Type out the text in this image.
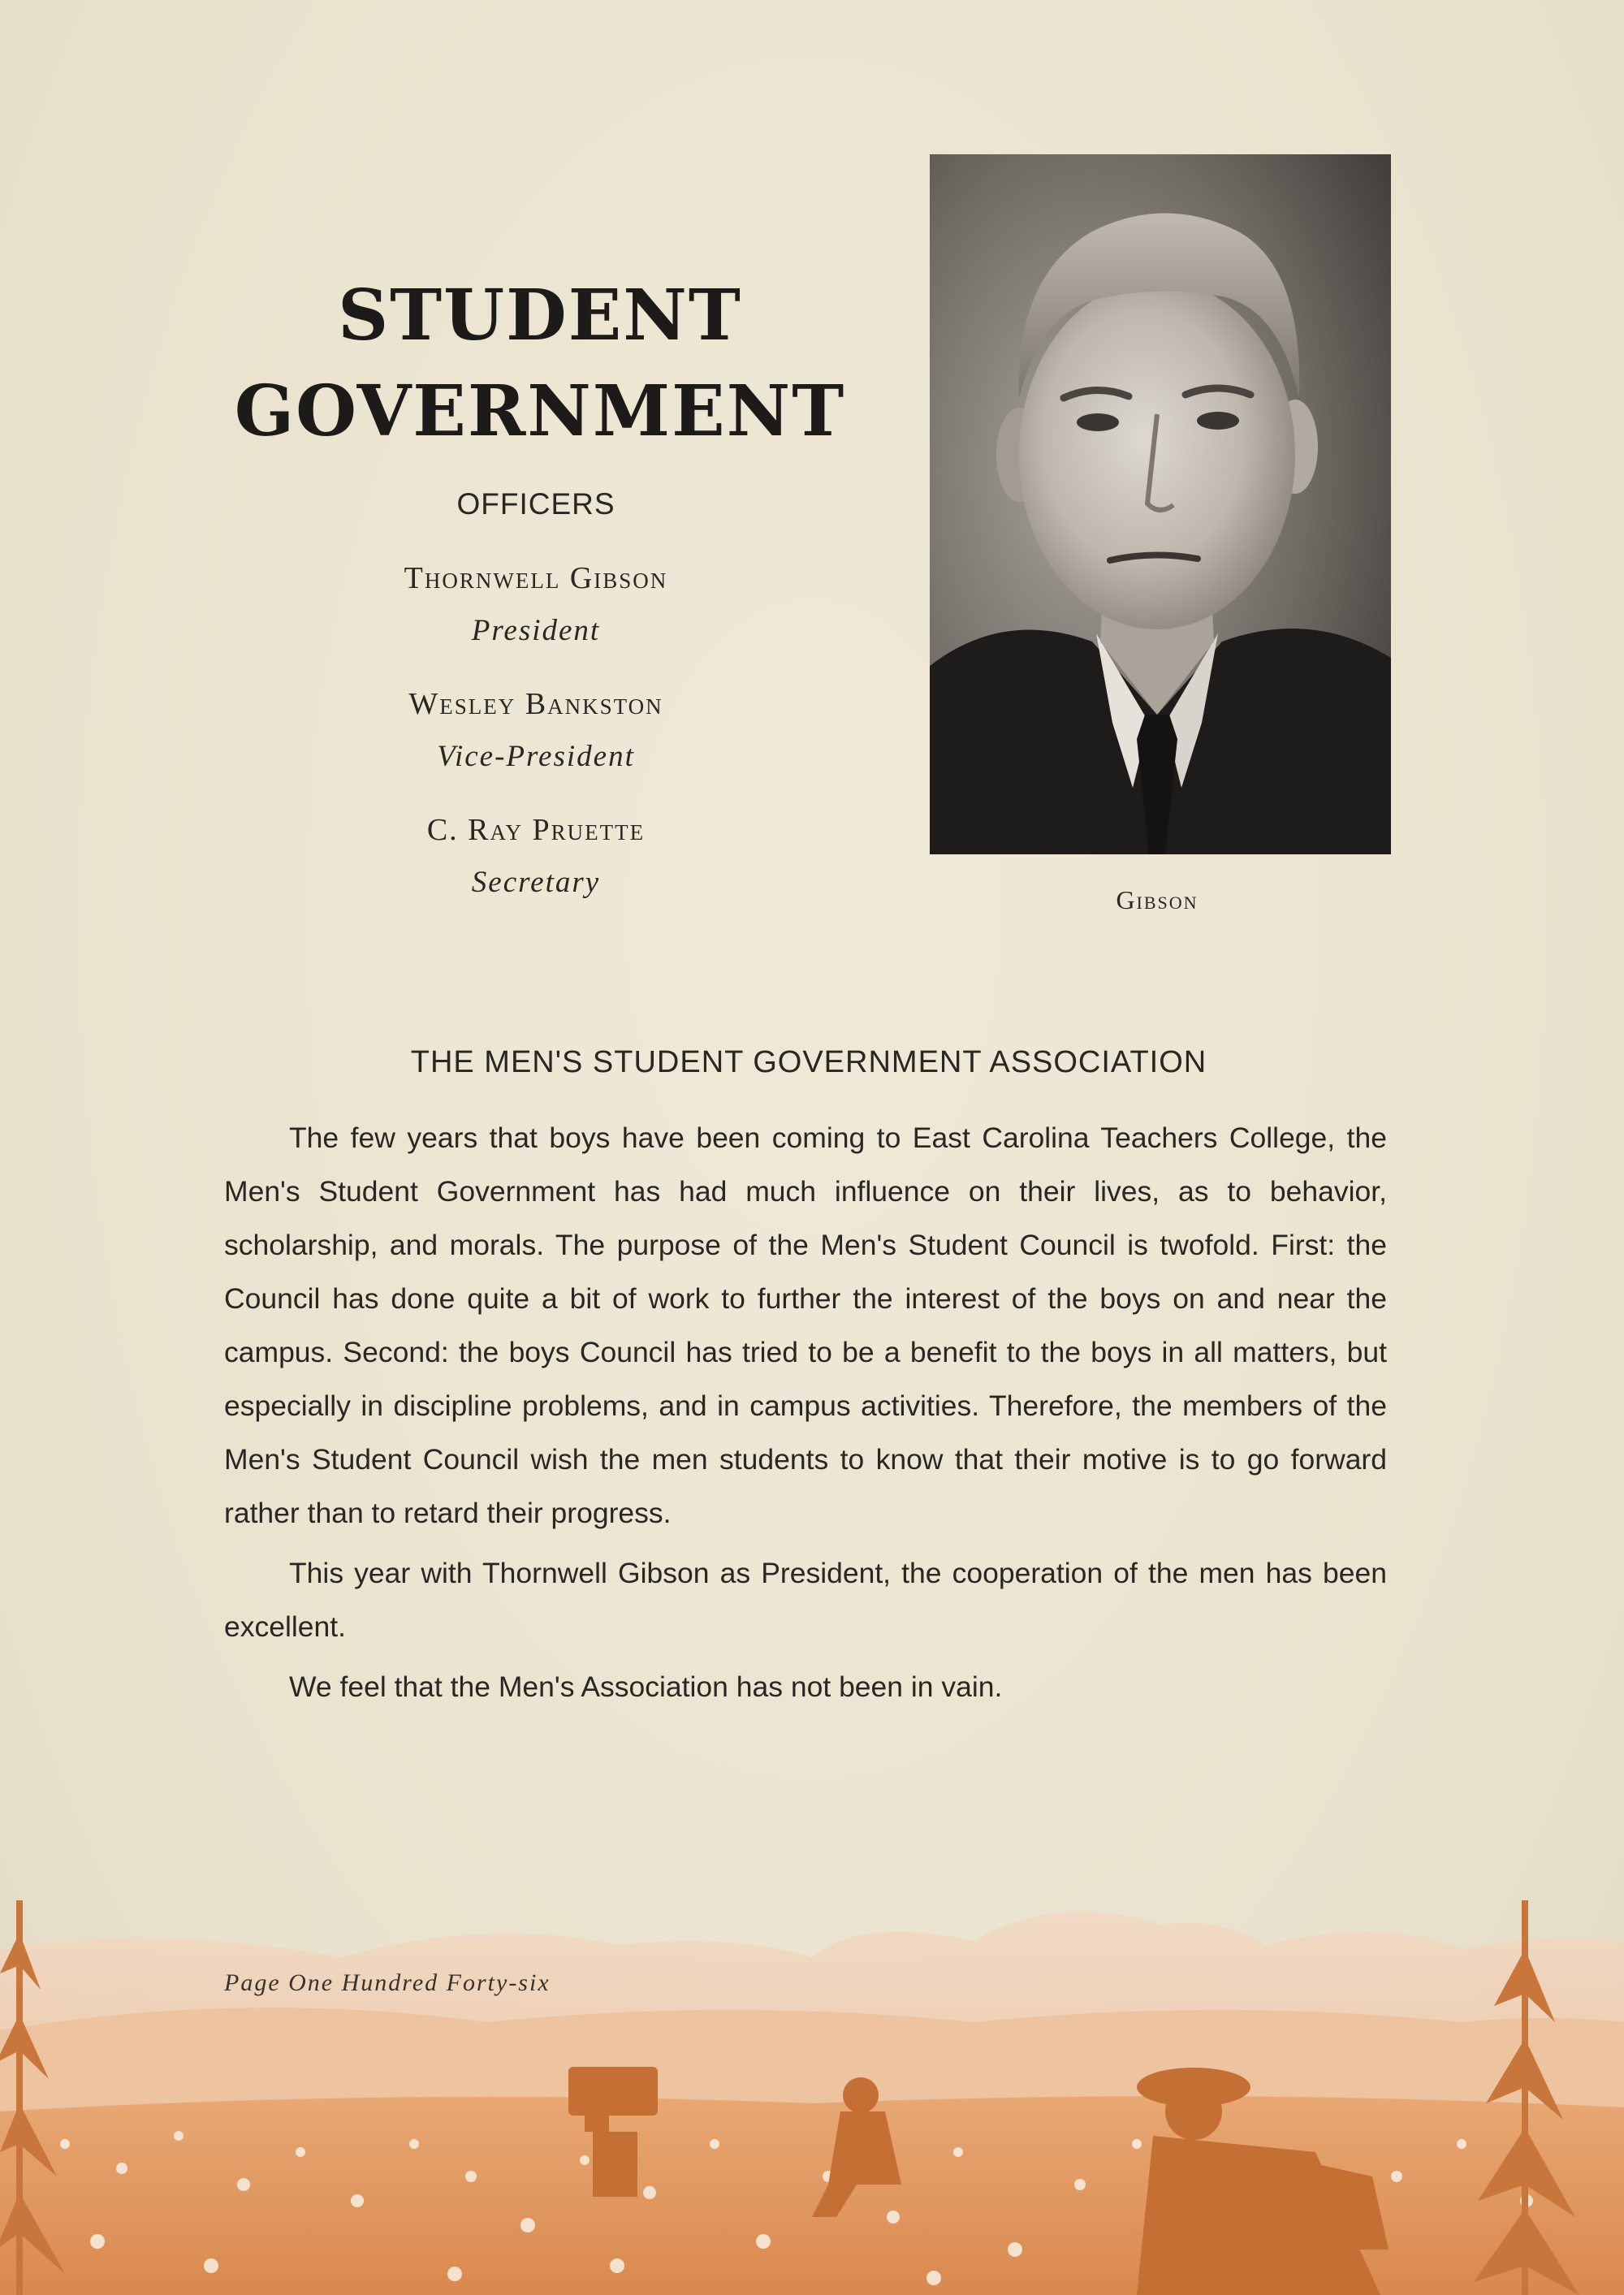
STUDENT
GOVERNMENT
OFFICERS
Thornwell Gibson
President
Wesley Bankston
Vice-President
C. Ray Pruette
Secretary
Gibson
THE MEN'S STUDENT GOVERNMENT ASSOCIATION

The few years that boys have been coming to East Carolina Teachers College, the Men's Student Government has had much influence on their lives, as to behavior, scholarship, and morals. The purpose of the Men's Student Council is twofold. First: the Council has done quite a bit of work to further the interest of the boys on and near the campus. Second: the boys Council has tried to be a benefit to the boys in all matters, but especially in discipline problems, and in campus activities. Therefore, the members of the Men's Student Council wish the men students to know that their motive is to go forward rather than to retard their progress.

This year with Thornwell Gibson as President, the cooperation of the men has been excellent.

We feel that the Men's Association has not been in vain.

Page One Hundred Forty-six
